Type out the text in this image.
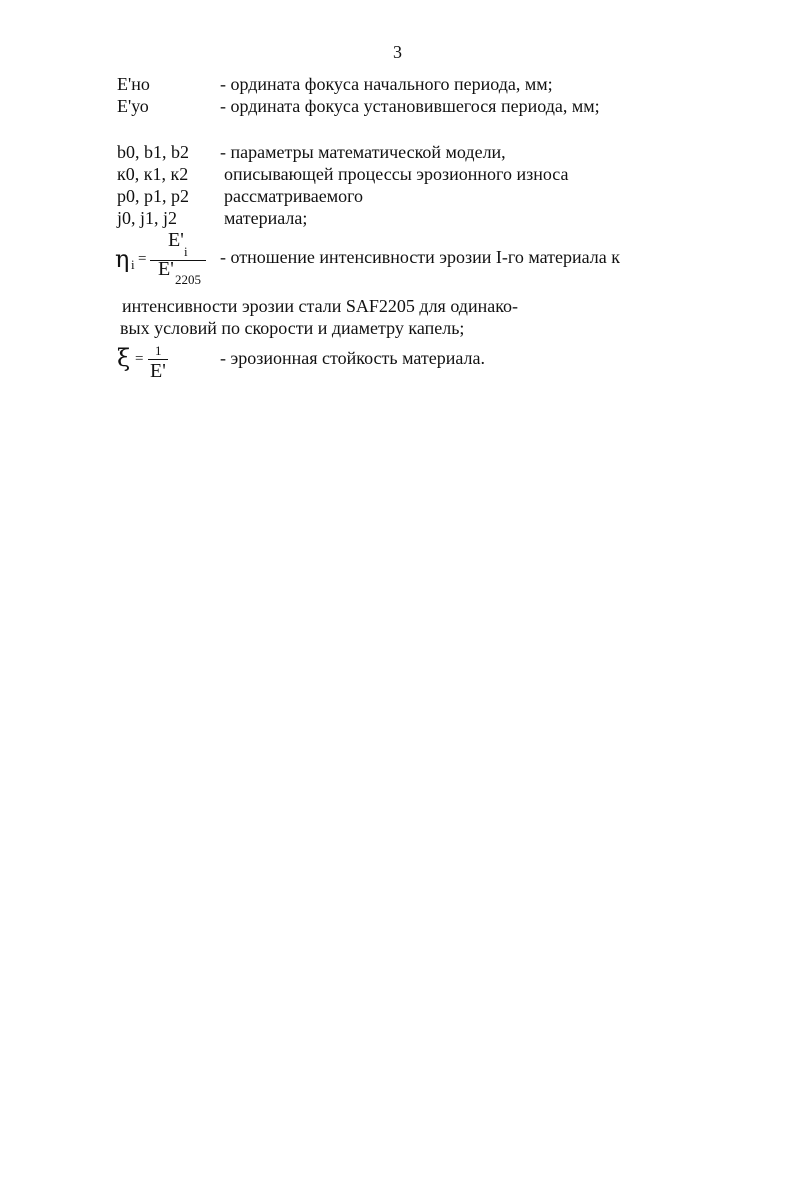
3
E'но	- ордината фокуса начального периода, мм;
E'уо	- ордината фокуса установившегося периода, мм;
b0, b1, b2
к0, к1, к2
p0, p1, p2
j0, j1, j2
- параметры математической модели,
описывающей процессы эрозионного износа
рассматриваемого
материала;
η i =
E'
i
E' 2205
- отношение интенсивности эрозии I-го материала к
интенсивности эрозии стали SAF2205 для одинако-
вых условий по скорости и диаметру капель;
ξ =
1
E'
- эрозионная стойкость материала.
